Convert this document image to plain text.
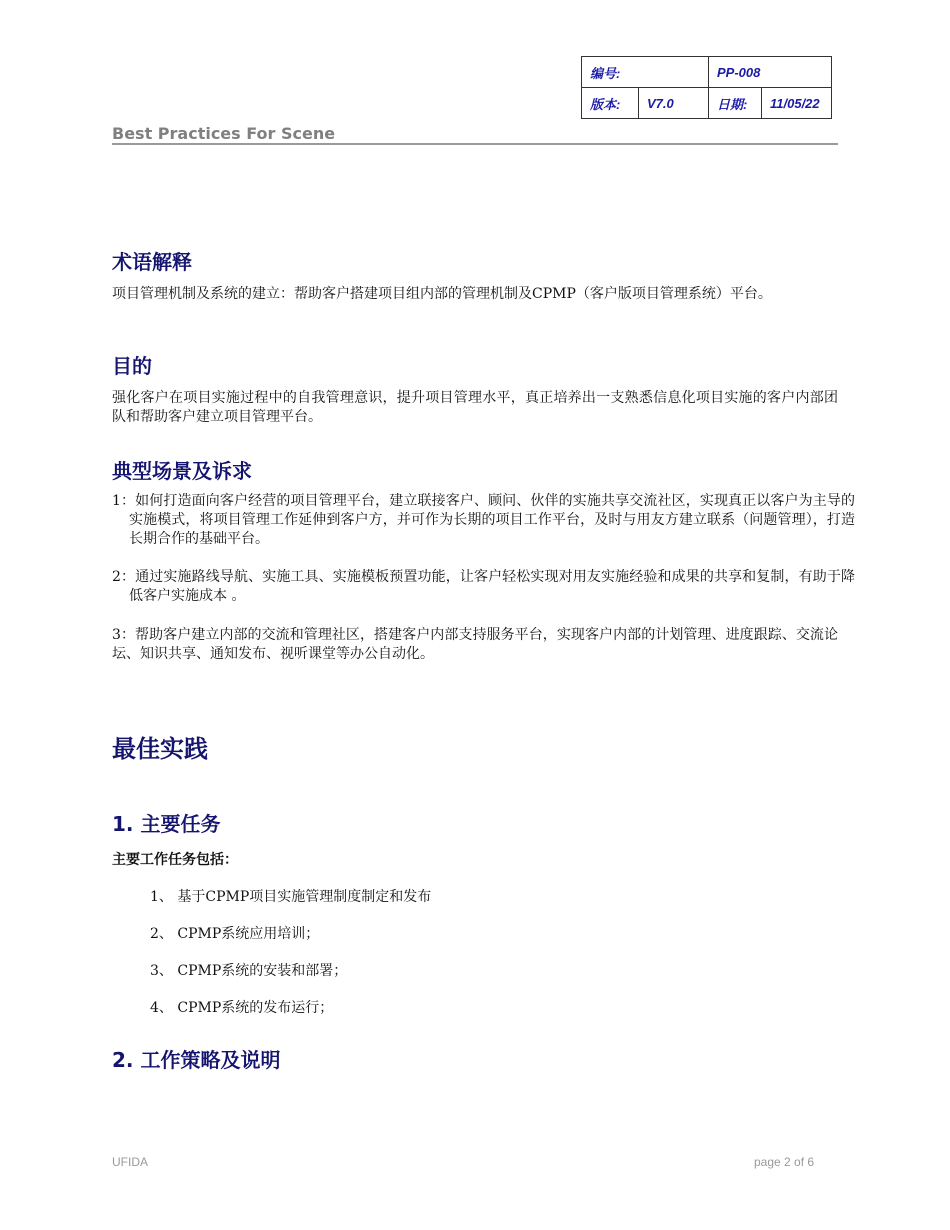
编号:		PP-008	
版本:	V7.0	日期:	11/05/22
Best Practices For Scene
术语解释

项目管理机制及系统的建立：帮助客户搭建项目组内部的管理机制及CPMP（客户版项目管理系统）平台。

目的

强化客户在项目实施过程中的自我管理意识，提升项目管理水平，真正培养出一支熟悉信息化项目实施的客户内部团队和帮助客户建立项目管理平台。

典型场景及诉求

1：如何打造面向客户经营的项目管理平台，建立联接客户、顾问、伙伴的实施共享交流社区，实现真正以客户为主导的实施模式，将项目管理工作延伸到客户方，并可作为长期的项目工作平台，及时与用友方建立联系（问题管理），打造长期合作的基础平台。

2：通过实施路线导航、实施工具、实施模板预置功能，让客户轻松实现对用友实施经验和成果的共享和复制，有助于降低客户实施成本 。

3：帮助客户建立内部的交流和管理社区，搭建客户内部支持服务平台，实现客户内部的计划管理、进度跟踪、交流论坛、知识共享、通知发布、视听课堂等办公自动化。

最佳实践
1. 主要任务

主要工作任务包括：

1、 基于CPMP项目实施管理制度制定和发布

2、 CPMP系统应用培训；

3、 CPMP系统的安装和部署；

4、 CPMP系统的发布运行；

2. 工作策略及说明
UFIDA	page 2 of 6
